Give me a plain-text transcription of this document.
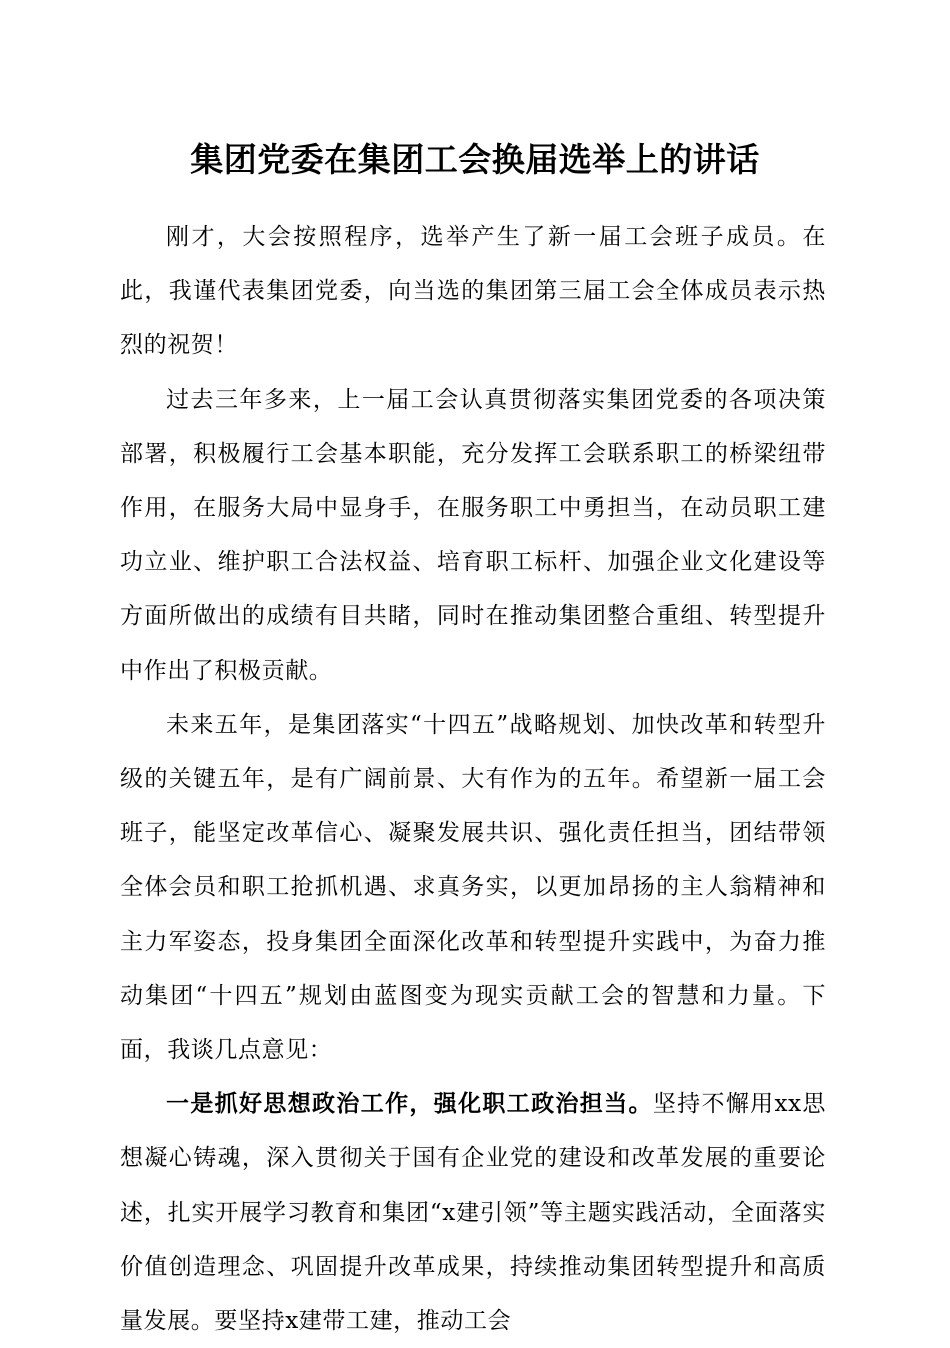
集团党委在集团工会换届选举上的讲话

刚才，大会按照程序，选举产生了新一届工会班子成员。在此，我谨代表集团党委，向当选的集团第三届工会全体成员表示热烈的祝贺！

过去三年多来，上一届工会认真贯彻落实集团党委的各项决策部署，积极履行工会基本职能，充分发挥工会联系职工的桥梁纽带作用，在服务大局中显身手，在服务职工中勇担当，在动员职工建功立业、维护职工合法权益、培育职工标杆、加强企业文化建设等方面所做出的成绩有目共睹，同时在推动集团整合重组、转型提升中作出了积极贡献。

未来五年，是集团落实“十四五”战略规划、加快改革和转型升级的关键五年，是有广阔前景、大有作为的五年。希望新一届工会班子，能坚定改革信心、凝聚发展共识、强化责任担当，团结带领全体会员和职工抢抓机遇、求真务实，以更加昂扬的主人翁精神和主力军姿态，投身集团全面深化改革和转型提升实践中，为奋力推动集团“十四五”规划由蓝图变为现实贡献工会的智慧和力量。下面，我谈几点意见：

一是抓好思想政治工作，强化职工政治担当。坚持不懈用xx思想凝心铸魂，深入贯彻关于国有企业党的建设和改革发展的重要论述，扎实开展学习教育和集团“x建引领”等主题实践活动，全面落实价值创造理念、巩固提升改革成果，持续推动集团转型提升和高质量发展。要坚持x建带工建，推动工会
